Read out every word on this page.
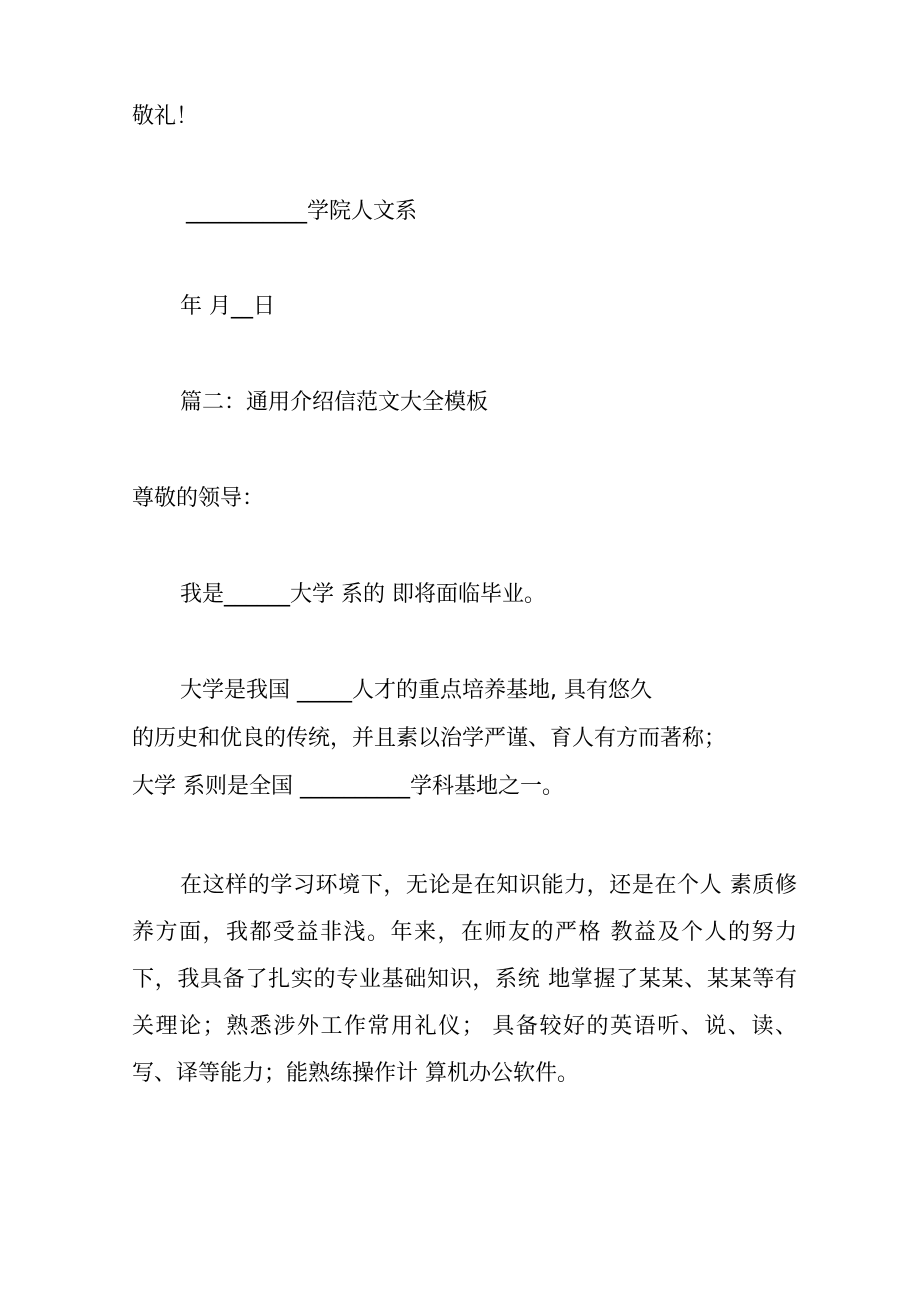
敬礼！

___________学院人文系

年 月__日

篇二：通用介绍信范文大全模板

尊敬的领导：

我是______大学 系的 即将面临毕业。

大学是我国 _____人才的重点培养基地, 具有悠久

的历史和优良的传统，并且素以治学严谨、育人有方而著称；

大学 系则是全国 __________学科基地之一。

在这样的学习环境下，无论是在知识能力，还是在个人 素质修养方面，我都受益非浅。年来，在师友的严格 教益及个人的努力下，我具备了扎实的专业基础知识，系统 地掌握了某某、某某等有关理论；熟悉涉外工作常用礼仪； 具备较好的英语听、说、读、写、译等能力；能熟练操作计 算机办公软件。
